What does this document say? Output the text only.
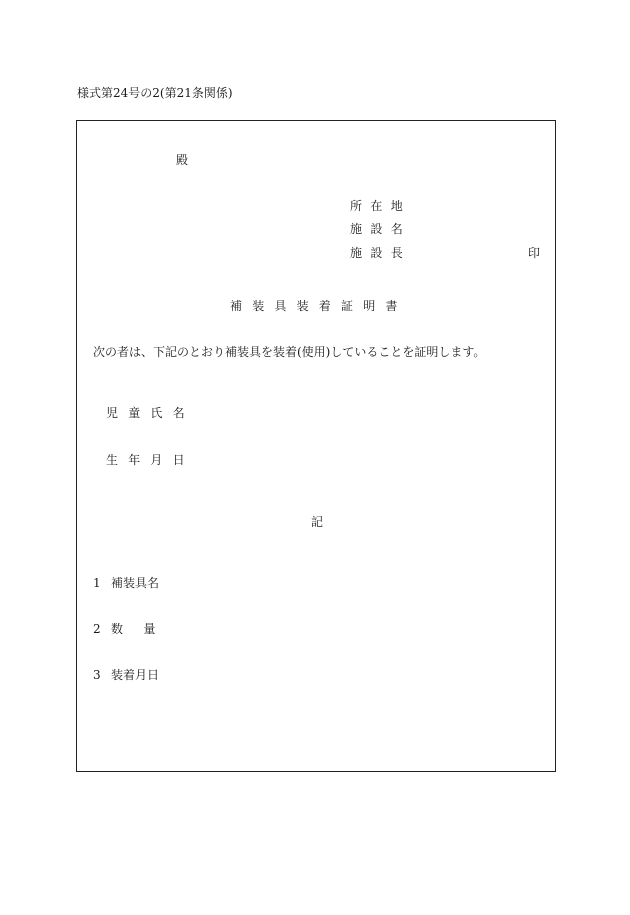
様式第24号の2(第21条関係)
殿
所在地
施設名
施設長	印
補装具装着証明書
次の者は、下記のとおり補装具を装着(使用)していることを証明します。
児童氏名
生年月日
記
1 補装具名
2 数量
3 装着月日
